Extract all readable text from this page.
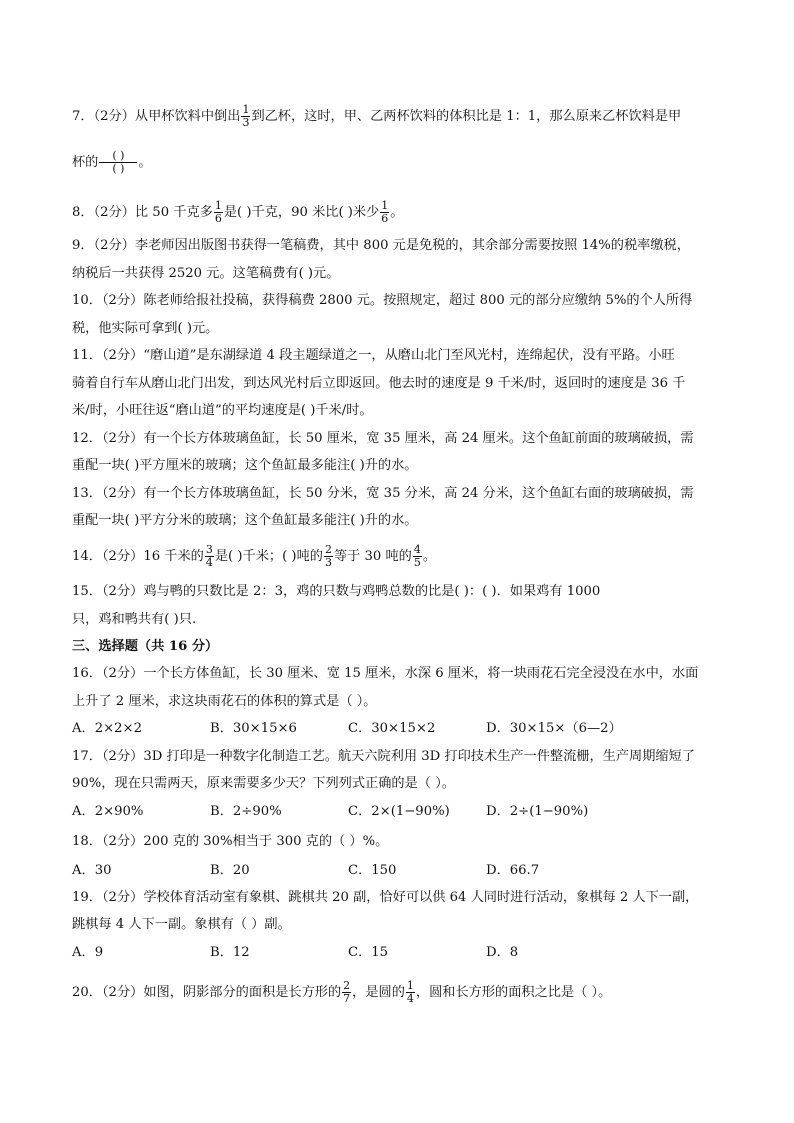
7．（2分）从甲杯饮料中倒出 $\frac{1}{3}$ 到乙杯，这时，甲、乙两杯饮料的体积比是 1：1，那么原来乙杯饮料是甲
杯的 $\frac{( )}{( )}$ 。
8．（2分）比 50 千克多 $\frac{1}{6}$ 是( )千克，90 米比( )米少 $\frac{1}{6}$ 。
9．（2分）李老师因出版图书获得一笔稿费，其中 800 元是免税的，其余部分需要按照 14%的税率缴税，
纳税后一共获得 2520 元。这笔稿费有( )元。
10．（2分）陈老师给报社投稿，获得稿费 2800 元。按照规定，超过 800 元的部分应缴纳 5%的个人所得
税，他实际可拿到( )元。
11．（2分）“磨山道”是东湖绿道 4 段主题绿道之一，从磨山北门至风光村，连绵起伏，没有平路。小旺
骑着自行车从磨山北门出发，到达风光村后立即返回。他去时的速度是 9 千米/时，返回时的速度是 36 千
米/时，小旺往返“磨山道”的平均速度是( )千米/时。
12．（2分）有一个长方体玻璃鱼缸，长 50 厘米，宽 35 厘米，高 24 厘米。这个鱼缸前面的玻璃破损，需
重配一块( )平方厘米的玻璃；这个鱼缸最多能注( )升的水。
13．（2分）有一个长方体玻璃鱼缸，长 50 分米，宽 35 分米，高 24 分米，这个鱼缸右面的玻璃破损，需
重配一块( )平方分米的玻璃；这个鱼缸最多能注( )升的水。
14．（2分）16 千米的 $\frac{3}{4}$ 是( )千米；( )吨的 $\frac{2}{3}$ 等于 30 吨的 $\frac{4}{5}$ 。
15．（2分）鸡与鸭的只数比是 2：3，鸡的只数与鸡鸭总数的比是( )：( )．如果鸡有 1000
只，鸡和鸭共有( )只.
三、选择题（共 16 分）
16．（2分）一个长方体鱼缸，长 30 厘米、宽 15 厘米，水深 6 厘米，将一块雨花石完全浸没在水中，水面
上升了 2 厘米，求这块雨花石的体积的算式是（ ）。
A．2×2×2	B．30×15×6	C．30×15×2	D．30×15×（6—2）
17．（2分）3D 打印是一种数字化制造工艺。航天六院利用 3D 打印技术生产一件整流栅，生产周期缩短了
90%，现在只需两天，原来需要多少天？下列列式正确的是（ ）。
A．2×90%	B．2÷90%	C．2×(1−90%)	D．2÷(1−90%)
18．（2分）200 克的 30%相当于 300 克的（ ）%。
A．30	B．20	C．150	D．66.7
19．（2分）学校体育活动室有象棋、跳棋共 20 副，恰好可以供 64 人同时进行活动，象棋每 2 人下一副，
跳棋每 4 人下一副。象棋有（ ）副。
A．9	B．12	C．15	D．8
20．（2分）如图，阴影部分的面积是长方形的 $\frac{2}{7}$ ，是圆的 $\frac{1}{4}$ ，圆和长方形的面积之比是（ ）。
